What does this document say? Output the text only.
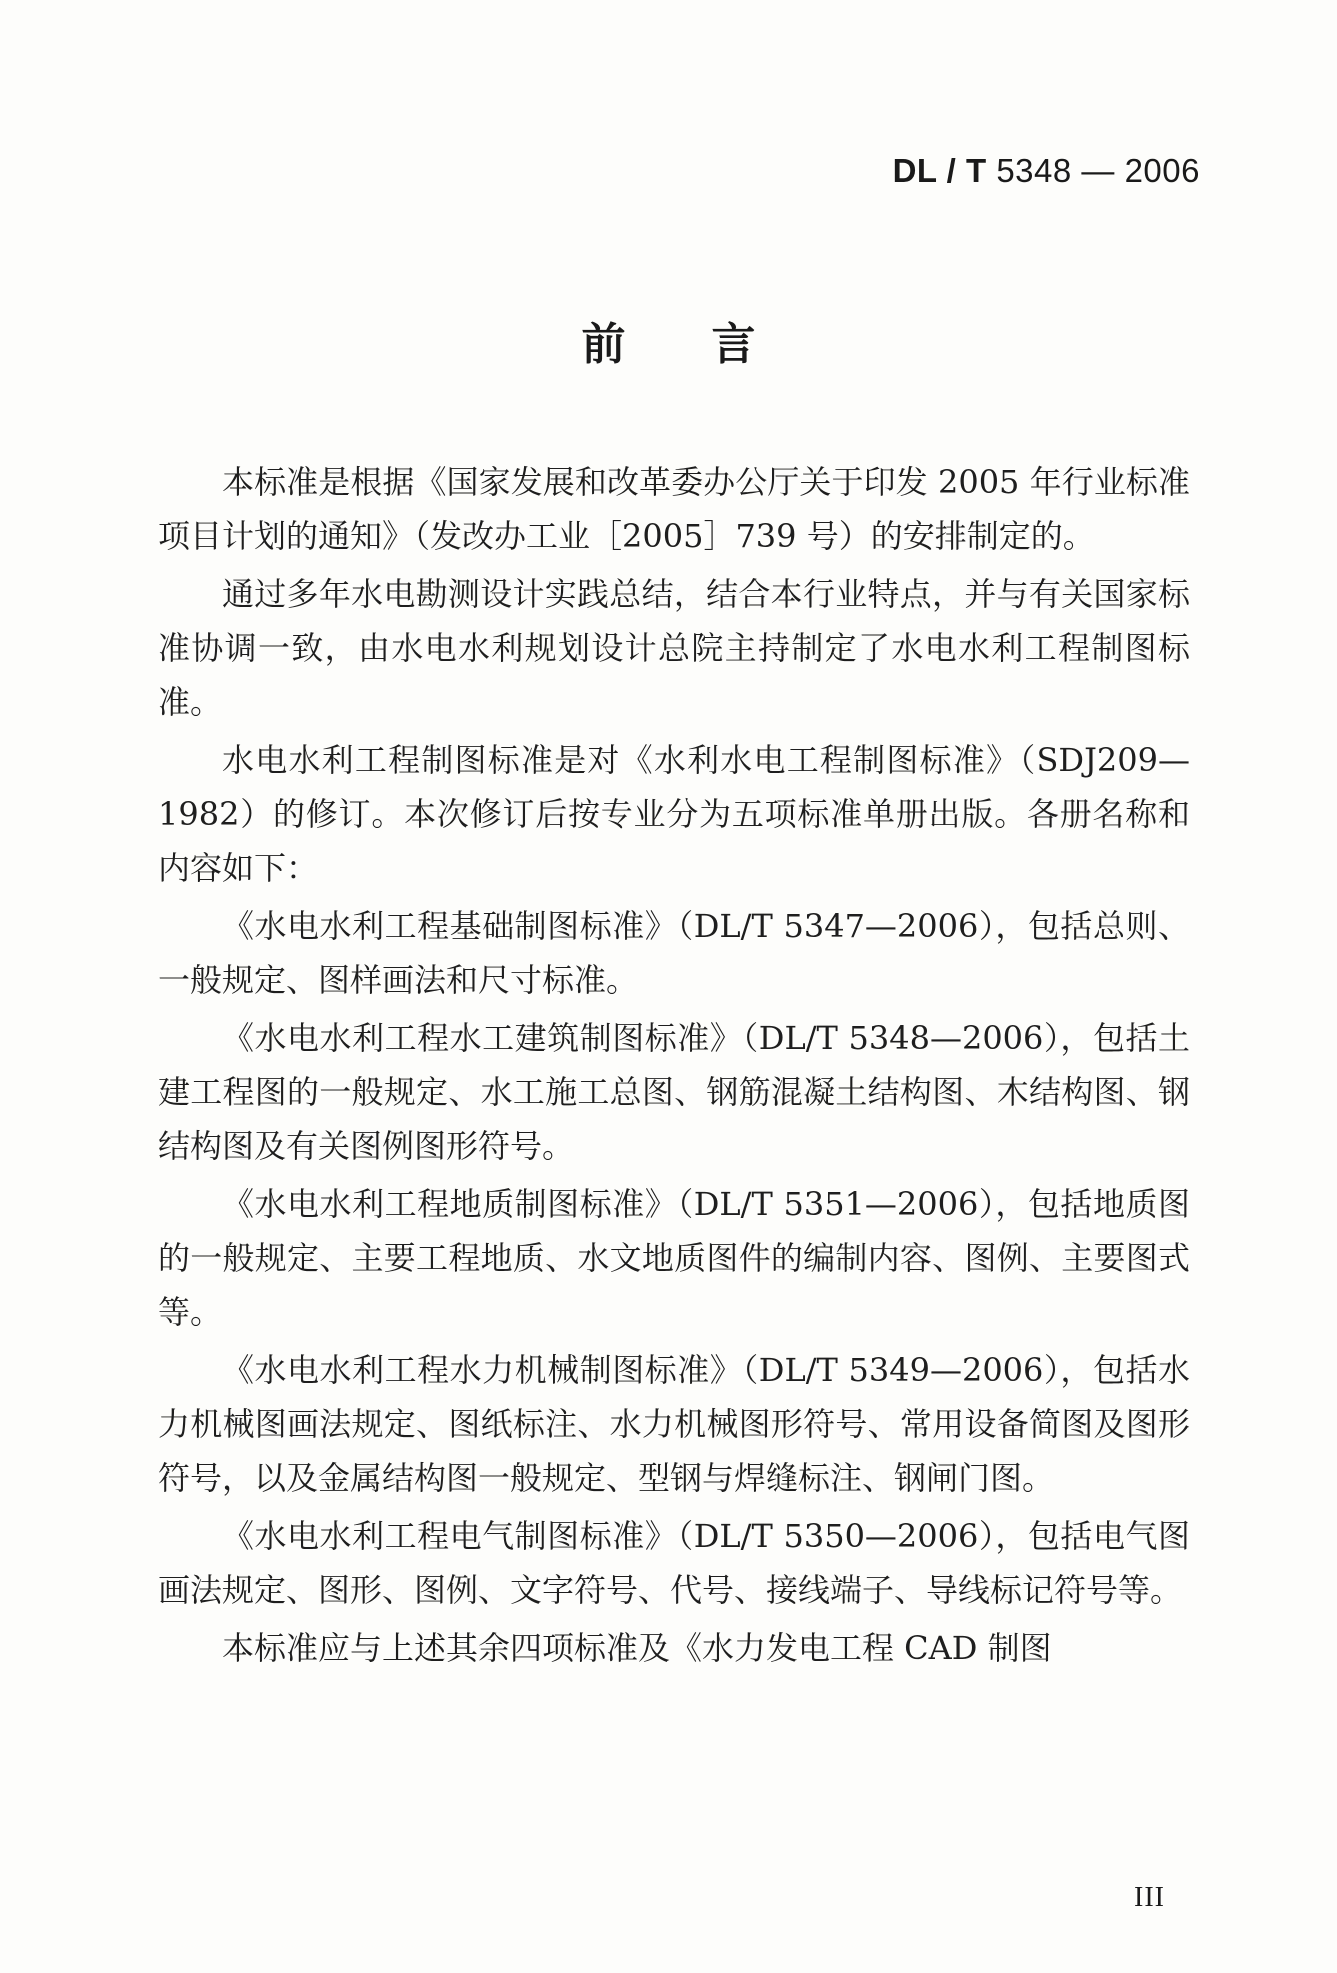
DL / T 5348 — 2006
前言

本标准是根据《国家发展和改革委办公厅关于印发 2005 年行业标准项目计划的通知》（发改办工业［2005］739 号）的安排制定的。

通过多年水电勘测设计实践总结，结合本行业特点，并与有关国家标准协调一致，由水电水利规划设计总院主持制定了水电水利工程制图标准。

水电水利工程制图标准是对《水利水电工程制图标准》（SDJ209—1982）的修订。本次修订后按专业分为五项标准单册出版。各册名称和内容如下：

《水电水利工程基础制图标准》（DL/T 5347—2006），包括总则、一般规定、图样画法和尺寸标准。

《水电水利工程水工建筑制图标准》（DL/T 5348—2006），包括土建工程图的一般规定、水工施工总图、钢筋混凝土结构图、木结构图、钢结构图及有关图例图形符号。

《水电水利工程地质制图标准》（DL/T 5351—2006），包括地质图的一般规定、主要工程地质、水文地质图件的编制内容、图例、主要图式等。

《水电水利工程水力机械制图标准》（DL/T 5349—2006），包括水力机械图画法规定、图纸标注、水力机械图形符号、常用设备简图及图形符号，以及金属结构图一般规定、型钢与焊缝标注、钢闸门图。

《水电水利工程电气制图标准》（DL/T 5350—2006），包括电气图画法规定、图形、图例、文字符号、代号、接线端子、导线标记符号等。

本标准应与上述其余四项标准及《水力发电工程 CAD 制图

III
